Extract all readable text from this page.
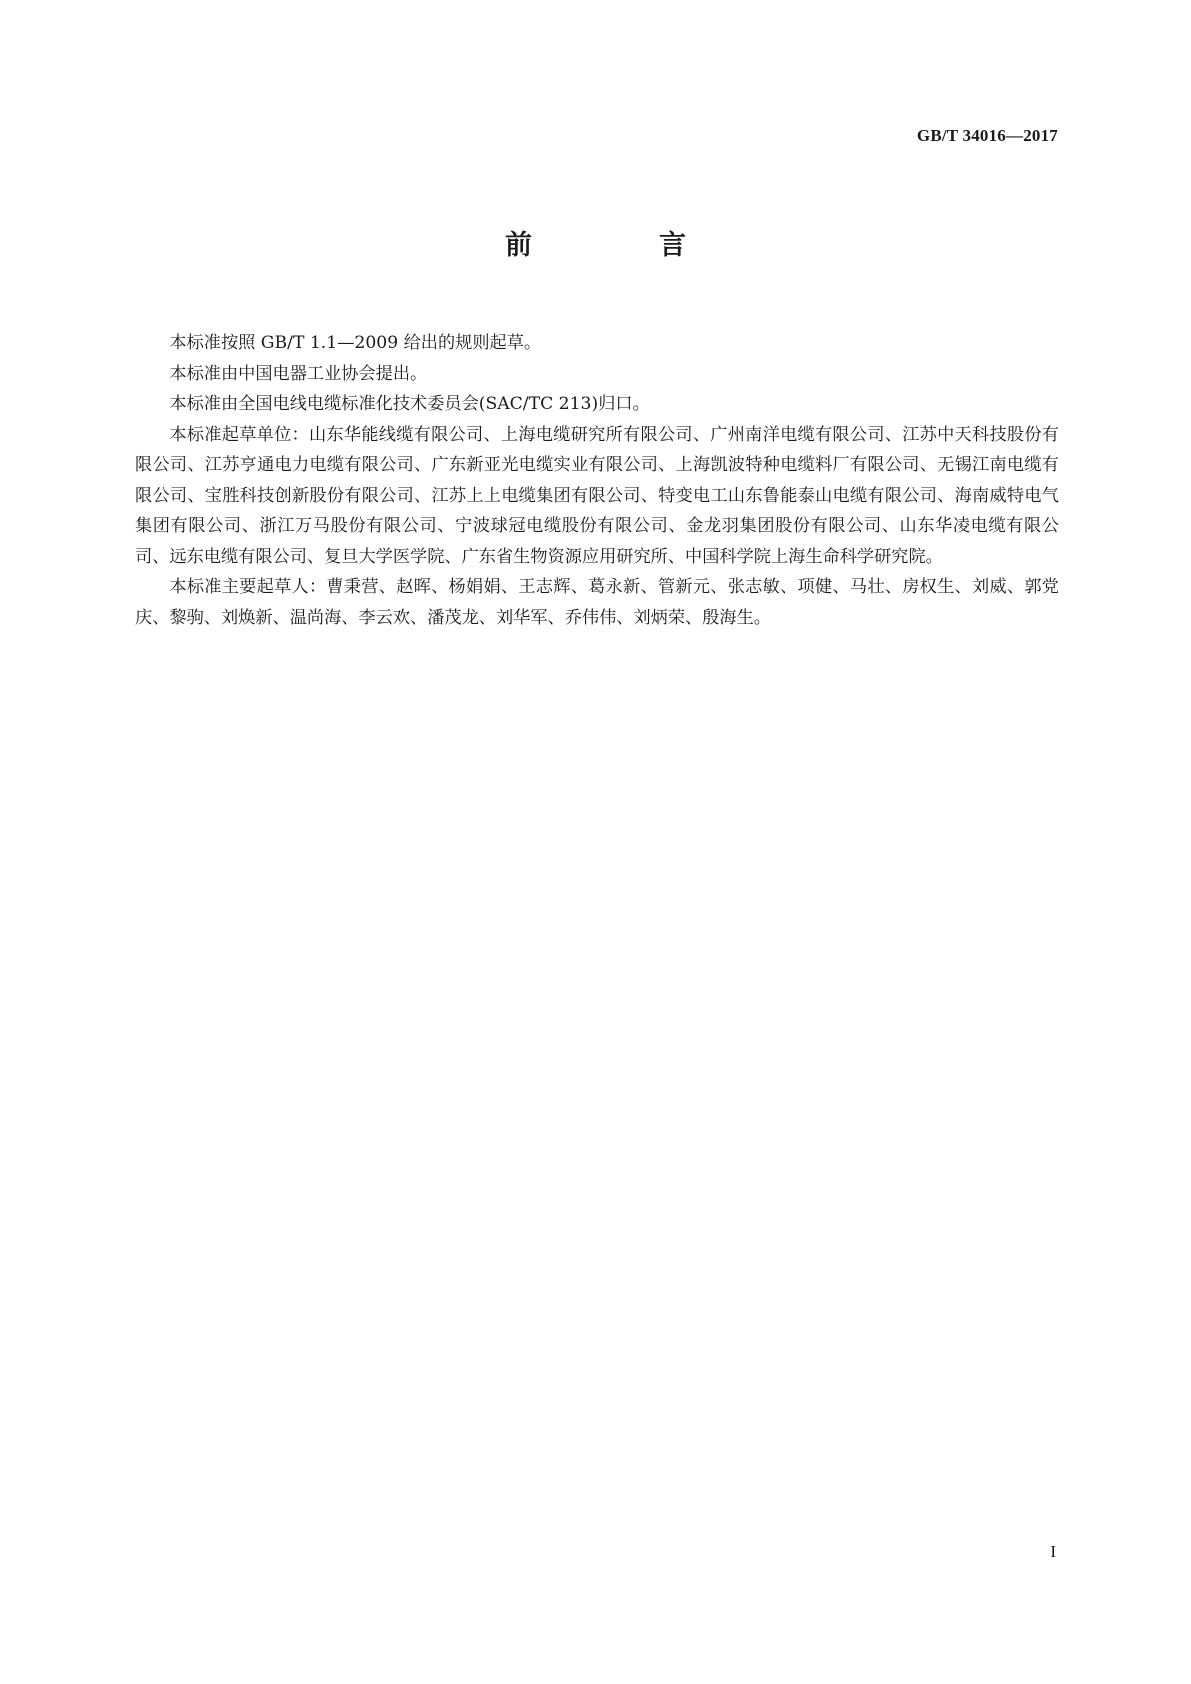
GB/T 34016—2017
前　言

本标准按照 GB/T 1.1—2009 给出的规则起草。

本标准由中国电器工业协会提出。

本标准由全国电线电缆标准化技术委员会(SAC/TC 213)归口。

本标准起草单位：山东华能线缆有限公司、上海电缆研究所有限公司、广州南洋电缆有限公司、江苏中天科技股份有限公司、江苏亨通电力电缆有限公司、广东新亚光电缆实业有限公司、上海凯波特种电缆料厂有限公司、无锡江南电缆有限公司、宝胜科技创新股份有限公司、江苏上上电缆集团有限公司、特变电工山东鲁能泰山电缆有限公司、海南威特电气集团有限公司、浙江万马股份有限公司、宁波球冠电缆股份有限公司、金龙羽集团股份有限公司、山东华凌电缆有限公司、远东电缆有限公司、复旦大学医学院、广东省生物资源应用研究所、中国科学院上海生命科学研究院。

本标准主要起草人：曹秉营、赵晖、杨娟娟、王志辉、葛永新、管新元、张志敏、项健、马壮、房权生、刘威、郭党庆、黎驹、刘焕新、温尚海、李云欢、潘茂龙、刘华军、乔伟伟、刘炳荣、殷海生。

I
